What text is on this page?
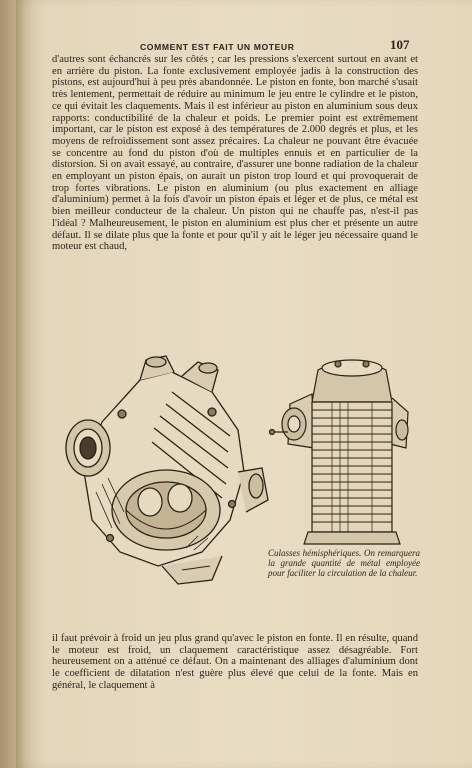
COMMENT EST FAIT UN MOTEUR	107

d'autres sont échancrés sur les côtés ; car les pressions s'exercent surtout en avant et en arrière du piston. La fonte exclusivement employée jadis à la construction des pistons, est aujourd'hui à peu près abandonnée. Le piston en fonte, bon marché s'usait très lentement, permettait de réduire au minimum le jeu entre le cylindre et le piston, ce qui évitait les claquements. Mais il est inférieur au piston en aluminium sous deux rapports: conductibilité de la chaleur et poids. Le premier point est extrêmement important, car le piston est exposé à des températures de 2.000 degrés et plus, et les moyens de refroidissement sont assez précaires. La chaleur ne pouvant être évacuée se concentre au fond du piston d'où de multiples ennuis et en particulier de la distorsion. Si on avait essayé, au contraire, d'assurer une bonne radiation de la chaleur en employant un piston épais, on aurait un piston trop lourd et qui provoquerait de trop fortes vibrations. Le piston en aluminium (ou plus exactement en alliage d'aluminium) permet à la fois d'avoir un piston épais et léger et de plus, ce métal est bien meilleur conducteur de la chaleur. Un piston qui ne chauffe pas, n'est-il pas l'idéal ? Malheureusement, le piston en aluminium est plus cher et présente un autre défaut. Il se dilate plus que la fonte et pour qu'il y ait le léger jeu nécessaire quand le moteur est chaud,

Culasses hémisphériques. On remarquera la grande quantité de métal employée pour faciliter la circulation de la chaleur.

il faut prévoir à froid un jeu plus grand qu'avec le piston en fonte. Il en résulte, quand le moteur est froid, un claquement caractéristique assez désagréable. Fort heureusement on a atténué ce défaut. On a maintenant des alliages d'aluminium dont le coefficient de dilatation n'est guère plus élevé que celui de la fonte. Mais en général, le claquement à
